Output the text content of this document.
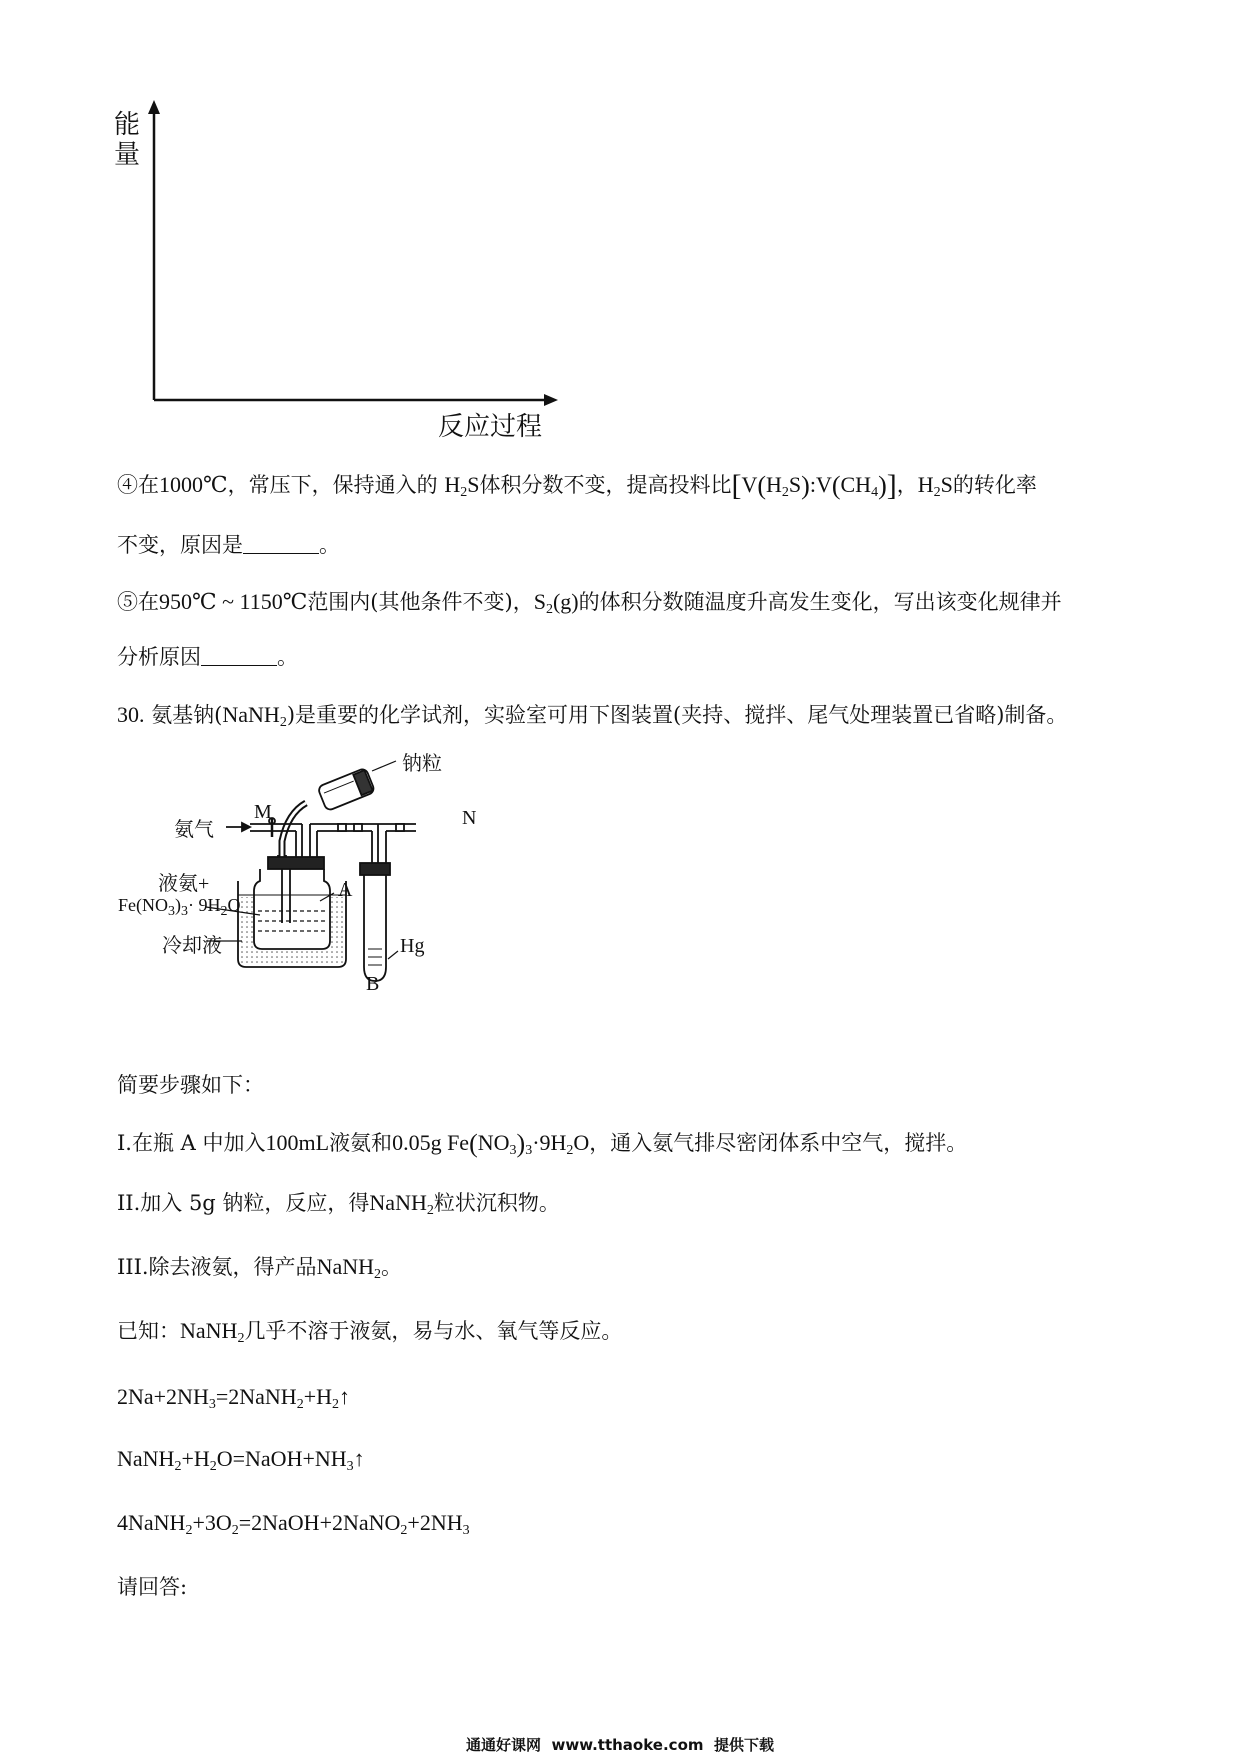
能
量
反应过程
④在1000℃，常压下，保持通入的 $H_2S$体积分数不变，提高投料比$[V(H_2S):V(CH_4)]$，$H_2S$的转化率
不变，原因是	。
⑤在950℃ ~ 1150℃范围内(其他条件不变)，$S_2(g)$的体积分数随温度升高发生变化，写出该变化规律并
分析原因	。
30. 氨基钠(NaNH$_2$)是重要的化学试剂，实验室可用下图装置(夹持、搅拌、尾气处理装置已省略)制备。
钠粒
氨气
M	N
液氨+
$Fe(NO_3)_3\cdot 9H_2O$
A
冷却液	Hg
B
简要步骤如下：
I.在瓶 A 中加入100mL液氨和0.05g $Fe(NO_3)_3\cdot 9H_2O$，通入氨气排尽密闭体系中空气，搅拌。
II.加入 5g 钠粒，反应，得NaNH$_2$粒状沉积物。
III.除去液氨，得产品NaNH$_2$。
已知：NaNH$_2$几乎不溶于液氨，易与水、氧气等反应。
$2Na+2NH_3=2NaNH_2+H_2↑$
$NaNH_2+H_2O=NaOH+NH_3↑$
$4NaNH_2+3O_2=2NaOH+2NaNO_2+2NH_3$
请回答:
通通好课网  www.tthaoke.com  提供下载
